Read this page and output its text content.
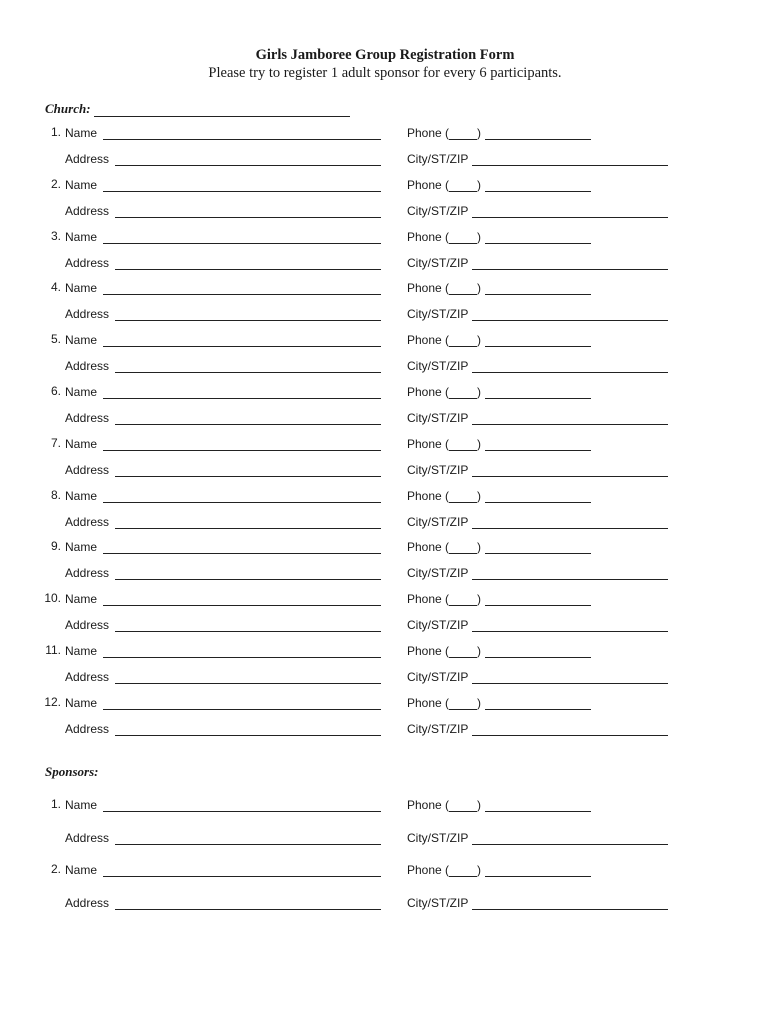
Girls Jamboree Group Registration Form
Please try to register 1 adult sponsor for every 6 participants.
Church:
1. Name	Phone ( )
Address	City/ST/ZIP
2. Name	Phone ( )
Address	City/ST/ZIP
3. Name	Phone ( )
Address	City/ST/ZIP
4. Name	Phone ( )
Address	City/ST/ZIP
5. Name	Phone ( )
Address	City/ST/ZIP
6. Name	Phone ( )
Address	City/ST/ZIP
7. Name	Phone ( )
Address	City/ST/ZIP
8. Name	Phone ( )
Address	City/ST/ZIP
9. Name	Phone ( )
Address	City/ST/ZIP
10. Name	Phone ( )
Address	City/ST/ZIP
11. Name	Phone ( )
Address	City/ST/ZIP
12. Name	Phone ( )
Address	City/ST/ZIP
Sponsors:
1. Name	Phone ( )
Address	City/ST/ZIP
2. Name	Phone ( )
Address	City/ST/ZIP
